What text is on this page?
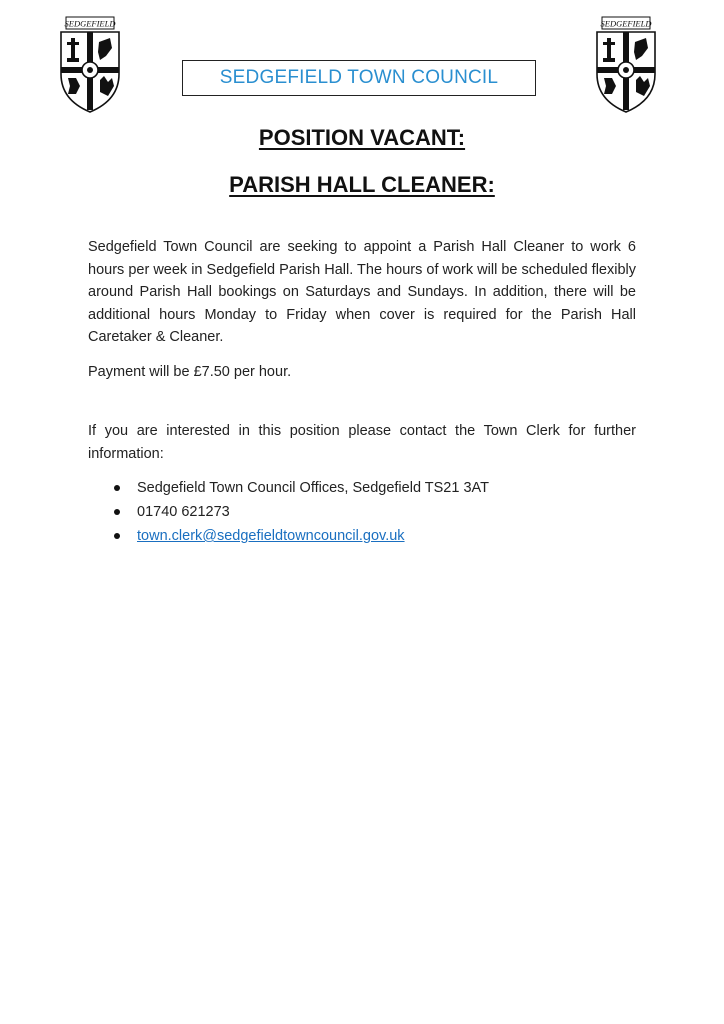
SEDGEFIELD
SEDGEFIELD TOWN COUNCIL
SEDGEFIELD
POSITION VACANT:
PARISH HALL CLEANER:
Sedgefield Town Council are seeking to appoint a Parish Hall Cleaner to work 6 hours per week in Sedgefield Parish Hall. The hours of work will be scheduled flexibly around Parish Hall bookings on Saturdays and Sundays. In addition, there will be additional hours Monday to Friday when cover is required for the Parish Hall Caretaker & Cleaner.
Payment will be £7.50 per hour.
If you are interested in this position please contact the Town Clerk for further information:
Sedgefield Town Council Offices, Sedgefield TS21 3AT
01740 621273
town.clerk@sedgefieldtowncouncil.gov.uk
